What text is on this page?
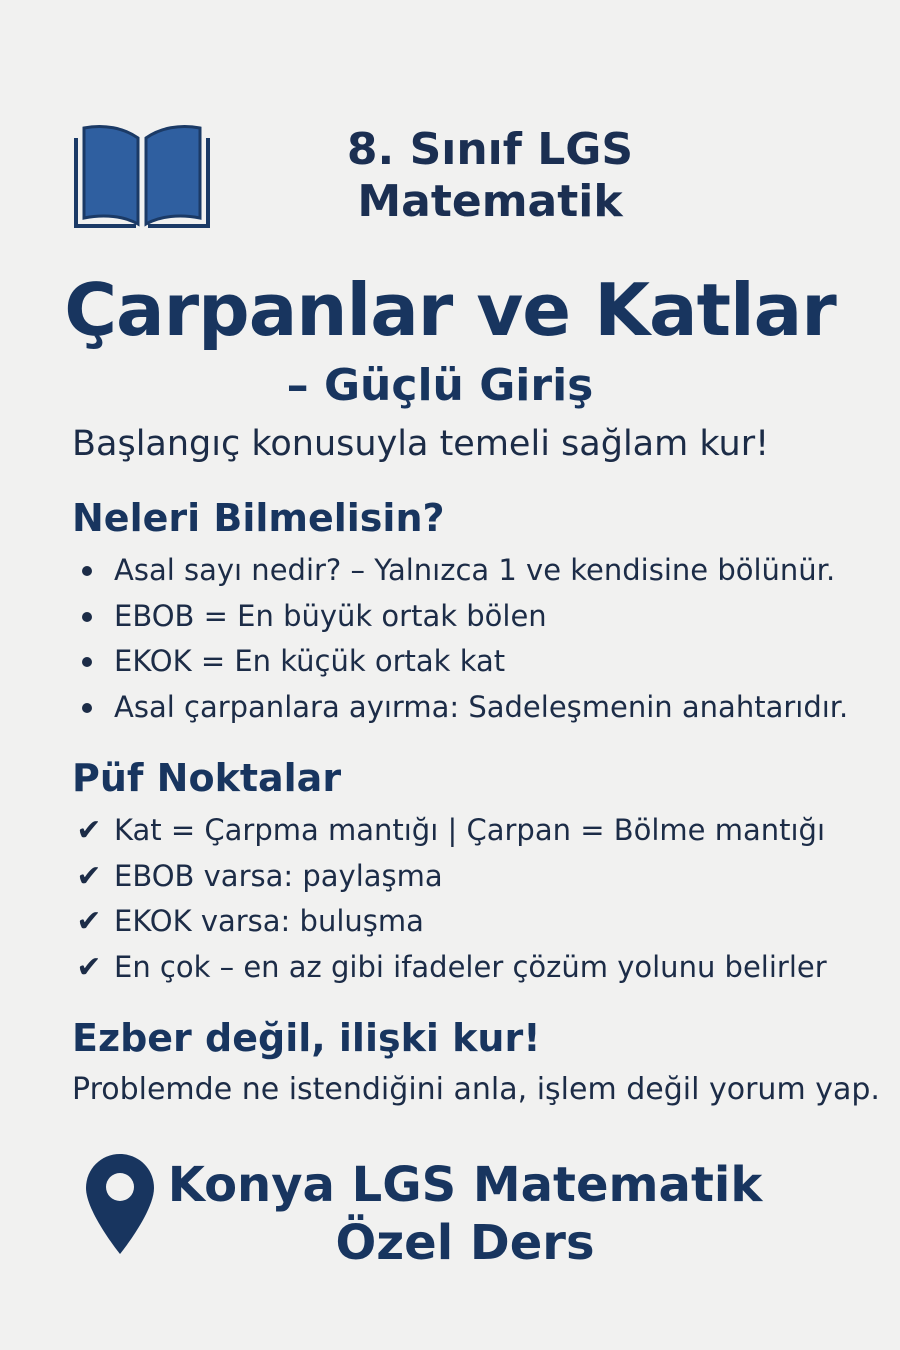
8. Sınıf LGS
Matematik
Çarpanlar ve Katlar
– Güçlü Giriş
Başlangıç konusuyla temeli sağlam kur!
Neleri Bilmelisin?
Asal sayı nedir? – Yalnızca 1 ve kendisine bölünür.
EBOB = En büyük ortak bölen
EKOK = En küçük ortak kat
Asal çarpanlara ayırma: Sadeleşmenin anahtarıdır.
Püf Noktalar
✔ Kat = Çarpma mantığı | Çarpan = Bölme mantığı
✔ EBOB varsa: paylaşma
✔ EKOK varsa: buluşma
✔ En çok – en az gibi ifadeler çözüm yolunu belirler
Ezber değil, ilişki kur!
Problemde ne istendiğini anla, işlem değil yorum yap.
Konya LGS Matematik
Özel Ders
